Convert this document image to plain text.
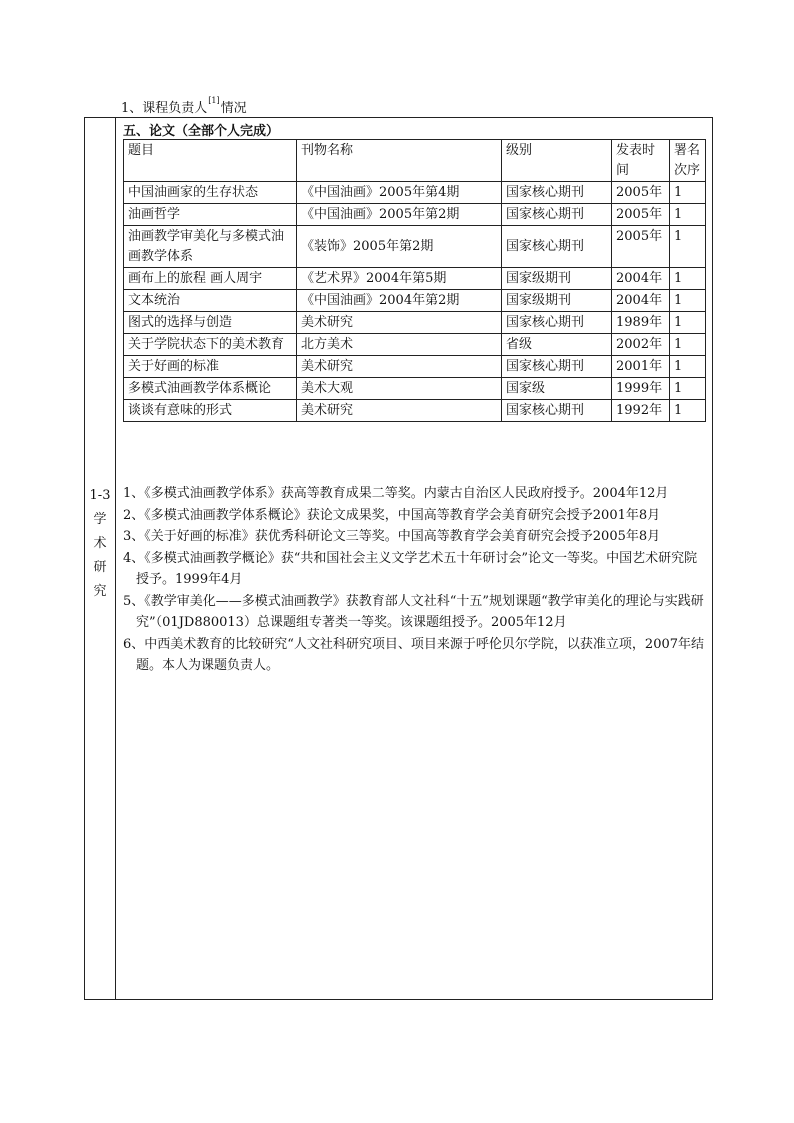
1、课程负责人[1]情况
1-3
学
术
研
究
五、论文（全部个人完成）
题目	刊物名称	级别	发表时间	署名次序
中国油画家的生存状态	《中国油画》2005年第4期	国家核心期刊	2005年	1
油画哲学	《中国油画》2005年第2期	国家核心期刊	2005年	1
油画教学审美化与多模式油画教学体系	《装饰》2005年第2期	国家核心期刊	2005年	1
画布上的旅程 画人周宇	《艺术界》2004年第5期	国家级期刊	2004年	1
文本统治	《中国油画》2004年第2期	国家级期刊	2004年	1
图式的选择与创造	美术研究	国家核心期刊	1989年	1
关于学院状态下的美术教育	北方美术	省级	2002年	1
关于好画的标准	美术研究	国家核心期刊	2001年	1
多模式油画教学体系概论	美术大观	国家级	1999年	1
谈谈有意味的形式	美术研究	国家核心期刊	1992年	1
1、《多模式油画教学体系》获高等教育成果二等奖。内蒙古自治区人民政府授予。2004年12月
2、《多模式油画教学体系概论》获论文成果奖，中国高等教育学会美育研究会授予2001年8月
3、《关于好画的标准》获优秀科研论文三等奖。中国高等教育学会美育研究会授予2005年8月
4、《多模式油画教学概论》获“共和国社会主义文学艺术五十年研讨会”论文一等奖。中国艺术研究院授予。1999年4月
5、《教学审美化——多模式油画教学》获教育部人文社科“十五”规划课题“教学审美化的理论与实践研究”（01JD880013）总课题组专著类一等奖。该课题组授予。2005年12月
6、中西美术教育的比较研究“人文社科研究项目、项目来源于呼伦贝尔学院，以获准立项，2007年结题。本人为课题负责人。
